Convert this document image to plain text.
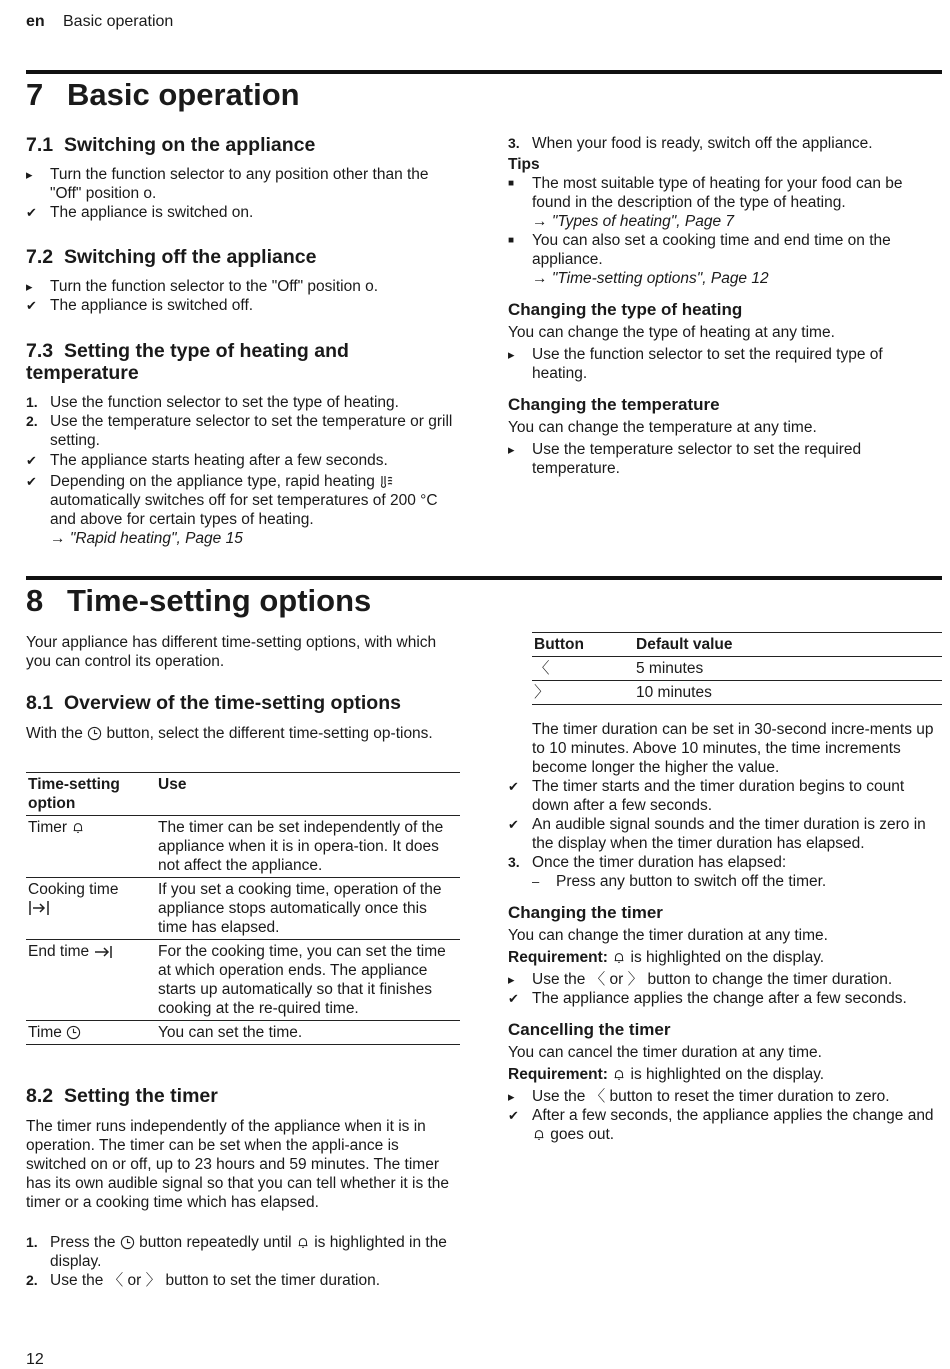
en Basic operation
7 Basic operation
7.1 Switching on the appliance
▸	Turn the function selector to any position other than the "Off" position o.
✔ The appliance is switched on.
7.2 Switching off the appliance
▸	Turn the function selector to the "Off" position o.
✔ The appliance is switched off.
7.3 Setting the type of heating and
temperature
1. Use the function selector to set the type of heating.
2. Use the temperature selector to set the temperature or grill setting.
✔ The appliance starts heating after a few seconds.
✔ Depending on the appliance type, rapid heating  automatically switches off for set temperatures of 200 °C and above for certain types of heating.
→ "Rapid heating", Page 15
3. When your food is ready, switch off the appliance.
Tips
■	The most suitable type of heating for your food can be found in the description of the type of heating.
→ "Types of heating", Page 7
■	You can also set a cooking time and end time on the appliance.
→ "Time-setting options", Page 12
Changing the type of heating
You can change the type of heating at any time.
▸	Use the function selector to set the required type of heating.
Changing the temperature
You can change the temperature at any time.
▸	Use the temperature selector to set the required temperature.
8 Time-setting options
Your appliance has different time-setting options, with which you can control its operation.
8.1 Overview of the time-setting options
With the  button, select the different time-setting op-tions.
Time-setting option	Use
Timer	The timer can be set independently of the appliance when it is in opera-tion. It does not affect the appliance.
Cooking time	If you set a cooking time, operation of the appliance stops automatically once this time has elapsed.
End time	For the cooking time, you can set the time at which operation ends. The appliance starts up automatically so that it finishes cooking at the re-quired time.
Time	You can set the time.
8.2 Setting the timer
The timer runs independently of the appliance when it is in operation. The timer can be set when the appli-ance is switched on or off, up to 23 hours and 59 minutes. The timer has its own audible signal so that you can tell whether it is the timer or a cooking time which has elapsed.
1. Press the  button repeatedly until  is highlighted in the display.
2. Use the 〈 or 〉 button to set the timer duration.
Button	Default value
〈	5 minutes
〉	10 minutes
The timer duration can be set in 30-second incre-ments up to 10 minutes. Above 10 minutes, the time increments become longer the higher the value.
✔ The timer starts and the timer duration begins to count down after a few seconds.
✔ An audible signal sounds and the timer duration is zero in the display when the timer duration has elapsed.
3. Once the timer duration has elapsed:
–	Press any button to switch off the timer.
Changing the timer
You can change the timer duration at any time.
Requirement:  is highlighted on the display.
▸	Use the 〈 or 〉 button to change the timer duration.
✔ The appliance applies the change after a few seconds.
Cancelling the timer
You can cancel the timer duration at any time.
Requirement:  is highlighted on the display.
▸	Use the 〈 button to reset the timer duration to zero.
✔ After a few seconds, the appliance applies the change and  goes out.
12
